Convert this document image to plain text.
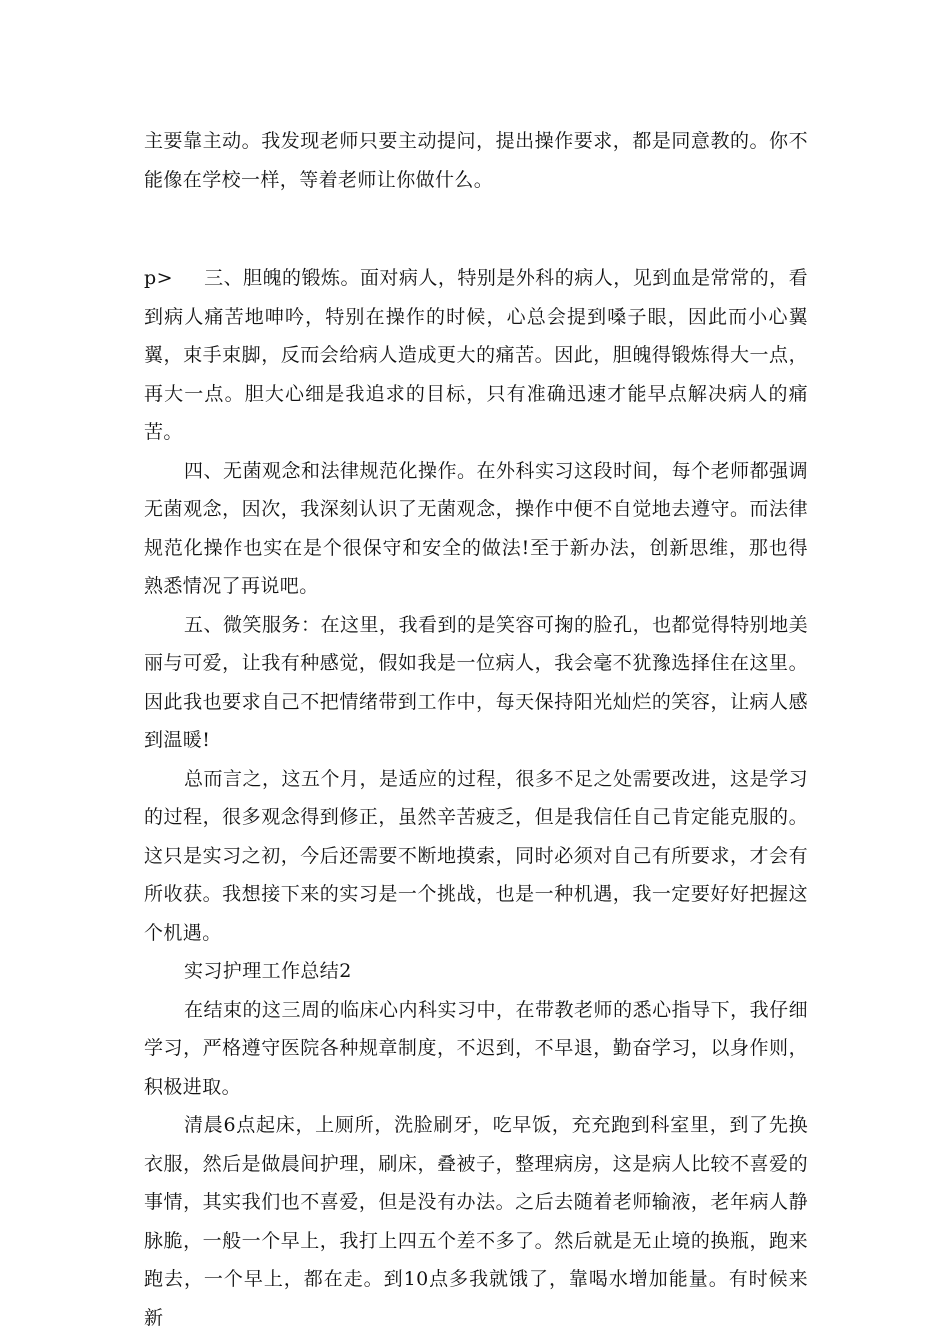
主要靠主动。我发现老师只要主动提问，提出操作要求，都是同意教的。你不能像在学校一样，等着老师让你做什么。

p> 三、胆魄的锻炼。面对病人，特别是外科的病人，见到血是常常的，看到病人痛苦地呻吟，特别在操作的时候，心总会提到嗓子眼，因此而小心翼翼，束手束脚，反而会给病人造成更大的痛苦。因此，胆魄得锻炼得大一点，再大一点。胆大心细是我追求的目标，只有准确迅速才能早点解决病人的痛苦。

四、无菌观念和法律规范化操作。在外科实习这段时间，每个老师都强调无菌观念，因次，我深刻认识了无菌观念，操作中便不自觉地去遵守。而法律规范化操作也实在是个很保守和安全的做法!至于新办法，创新思维，那也得熟悉情况了再说吧。

五、微笑服务：在这里，我看到的是笑容可掬的脸孔，也都觉得特别地美丽与可爱，让我有种感觉，假如我是一位病人，我会毫不犹豫选择住在这里。因此我也要求自己不把情绪带到工作中，每天保持阳光灿烂的笑容，让病人感到温暖!

总而言之，这五个月，是适应的过程，很多不足之处需要改进，这是学习的过程，很多观念得到修正，虽然辛苦疲乏，但是我信任自己肯定能克服的。这只是实习之初，今后还需要不断地摸索，同时必须对自己有所要求，才会有所收获。我想接下来的实习是一个挑战，也是一种机遇，我一定要好好把握这个机遇。

实习护理工作总结2

在结束的这三周的临床心内科实习中，在带教老师的悉心指导下，我仔细学习，严格遵守医院各种规章制度，不迟到，不早退，勤奋学习，以身作则，积极进取。

清晨6点起床，上厕所，洗脸刷牙，吃早饭，充充跑到科室里，到了先换衣服，然后是做晨间护理，刷床，叠被子，整理病房，这是病人比较不喜爱的事情，其实我们也不喜爱，但是没有办法。之后去随着老师输液，老年病人静脉脆，一般一个早上，我打上四五个差不多了。然后就是无止境的换瓶，跑来跑去，一个早上，都在走。到10点多我就饿了，靠喝水增加能量。有时候来新
